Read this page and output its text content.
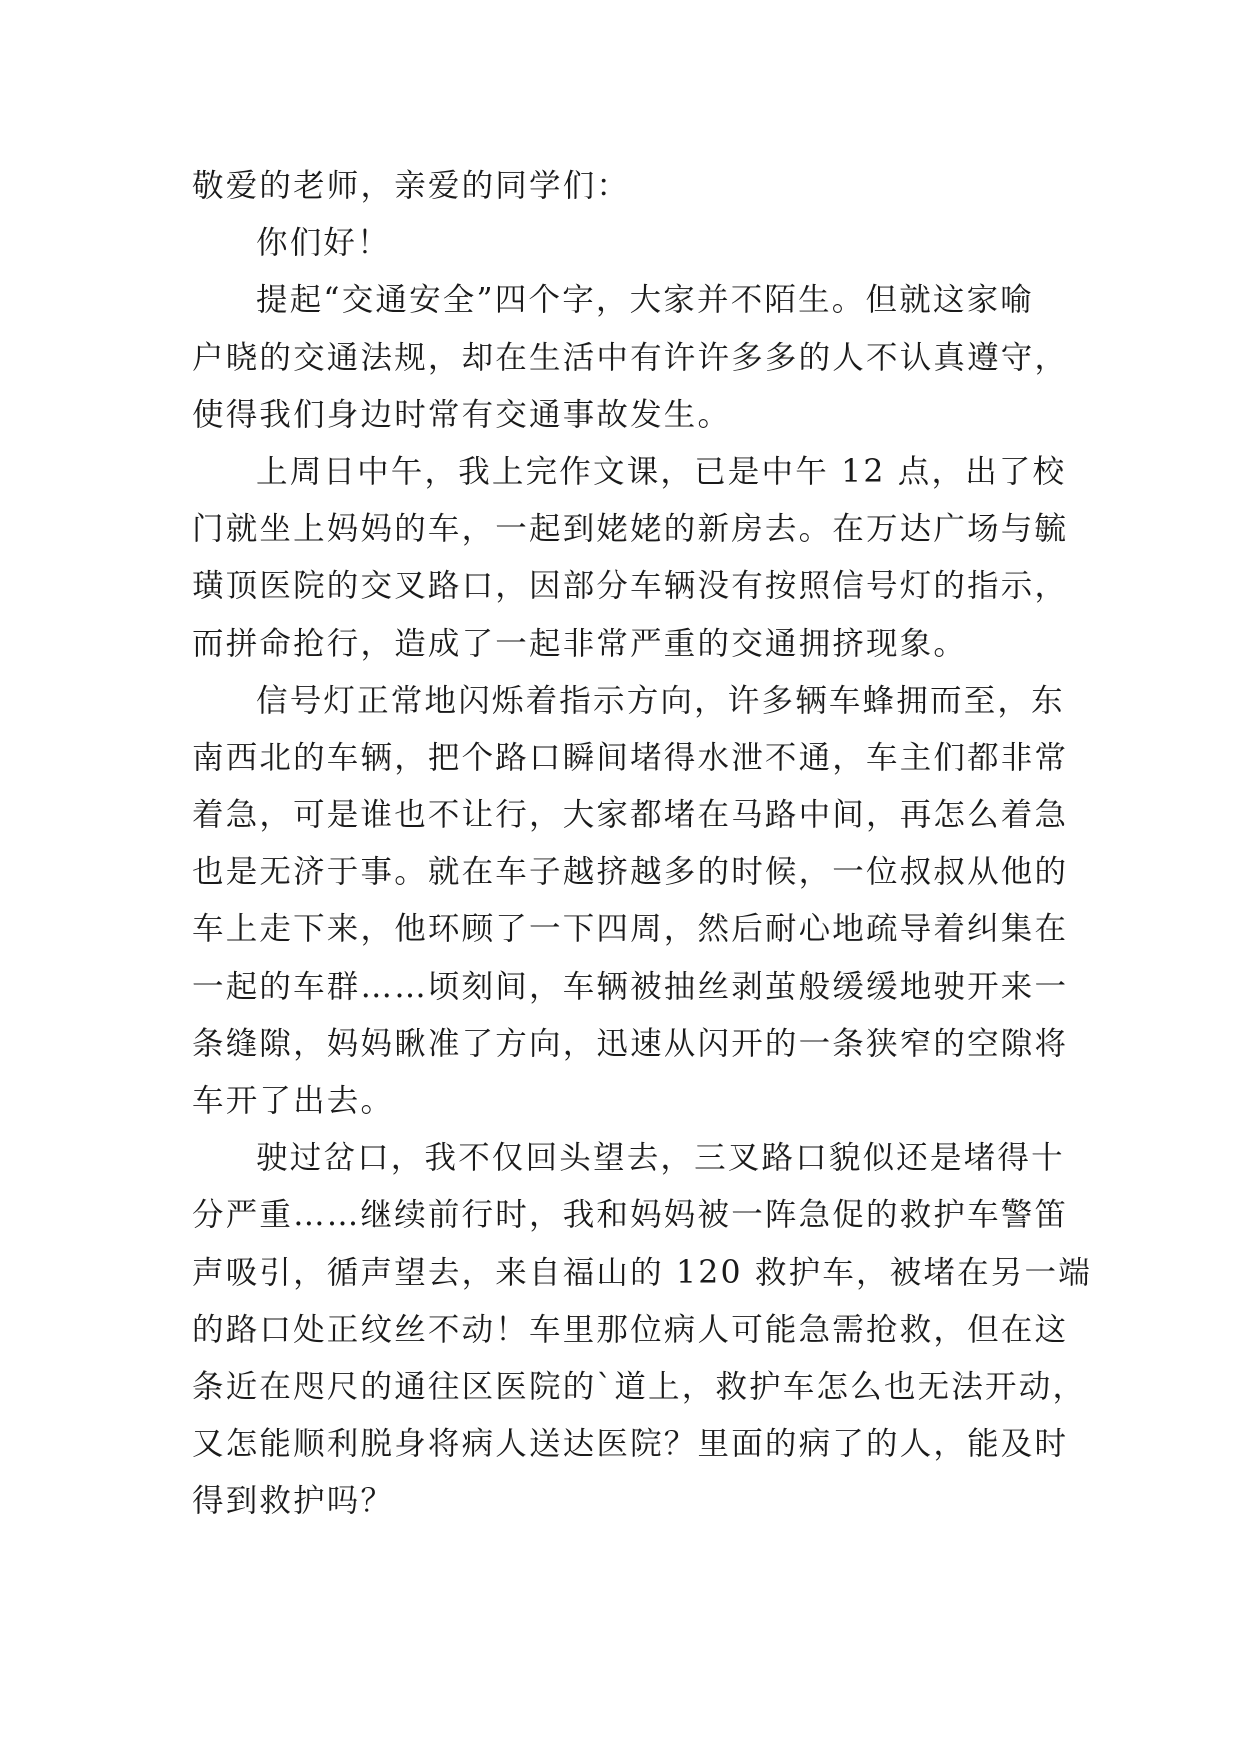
敬爱的老师，亲爱的同学们：
你们好！
提起“交通安全”四个字，大家并不陌生。但就这家喻
户晓的交通法规，却在生活中有许许多多的人不认真遵守，
使得我们身边时常有交通事故发生。
上周日中午，我上完作文课，已是中午 12 点，出了校
门就坐上妈妈的车，一起到姥姥的新房去。在万达广场与毓
璜顶医院的交叉路口，因部分车辆没有按照信号灯的指示，
而拼命抢行，造成了一起非常严重的交通拥挤现象。
信号灯正常地闪烁着指示方向，许多辆车蜂拥而至，东
南西北的车辆，把个路口瞬间堵得水泄不通，车主们都非常
着急，可是谁也不让行，大家都堵在马路中间，再怎么着急
也是无济于事。就在车子越挤越多的时候，一位叔叔从他的
车上走下来，他环顾了一下四周，然后耐心地疏导着纠集在
一起的车群……顷刻间，车辆被抽丝剥茧般缓缓地驶开来一
条缝隙，妈妈瞅准了方向，迅速从闪开的一条狭窄的空隙将
车开了出去。
驶过岔口，我不仅回头望去，三叉路口貌似还是堵得十
分严重……继续前行时，我和妈妈被一阵急促的救护车警笛
声吸引，循声望去，来自福山的 120 救护车，被堵在另一端
的路口处正纹丝不动！车里那位病人可能急需抢救，但在这
条近在咫尺的通往区医院的`道上，救护车怎么也无法开动，
又怎能顺利脱身将病人送达医院？里面的病了的人，能及时
得到救护吗？
